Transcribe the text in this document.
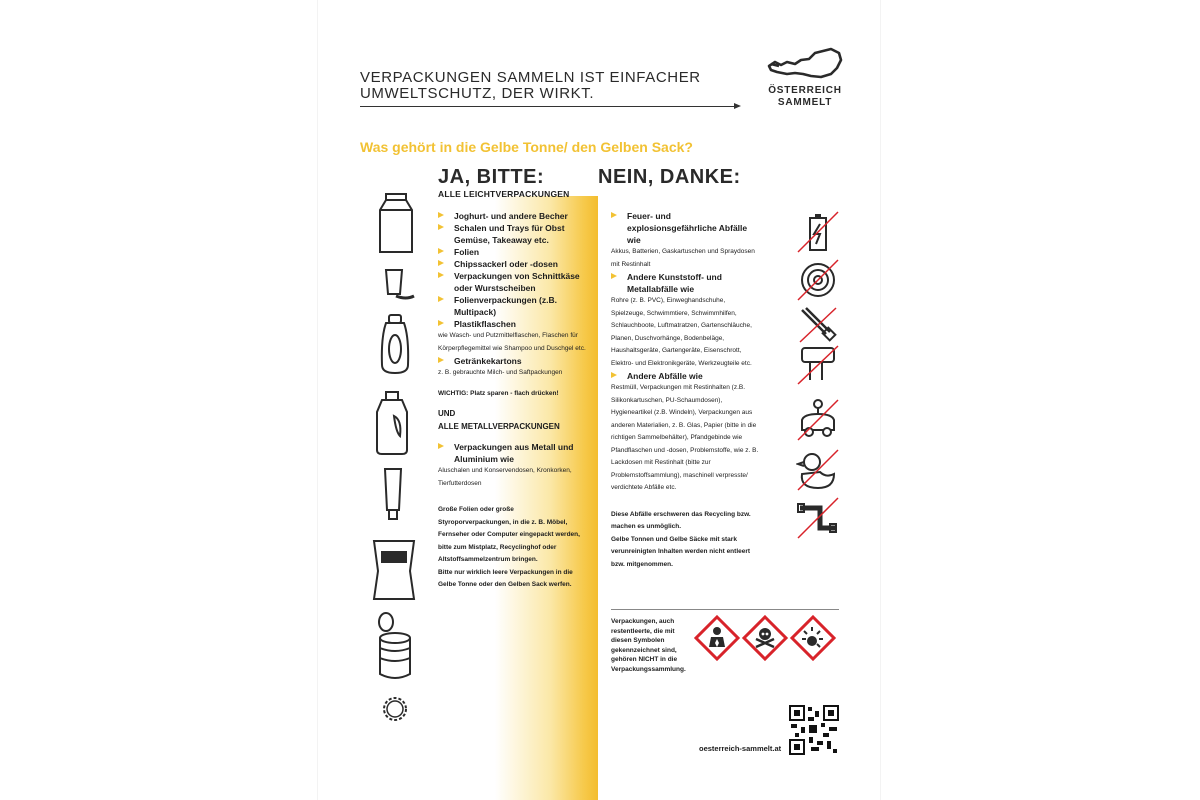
VERPACKUNGEN SAMMELN IST EINFACHER UMWELTSCHUTZ, DER WIRKT.	ÖSTERREICH
SAMMELT
Was gehört in die Gelbe Tonne/ den Gelben Sack?
JA, BITTE:
ALLE LEICHTVERPACKUNGEN
NEIN, DANKE:
Joghurt- und andere Becher
Schalen und Trays für Obst Gemüse, Takeaway etc.
Folien
Chipssackerl oder -dosen
Verpackungen von Schnittkäse oder Wurstscheiben
Folienverpackungen (z.B. Multipack)
Plastikflaschen
wie Wasch- und Putzmittelflaschen, Flaschen für Körperpflegemittel wie Shampoo und Duschgel etc.
Getränkekartons
z. B. gebrauchte Milch- und Saftpackungen
WICHTIG: Platz sparen - flach drücken!
UND
ALLE METALLVERPACKUNGEN
Verpackungen aus Metall und Aluminium wie
Aluschalen und Konservendosen, Kronkorken, Tierfutterdosen
Große Folien oder große Styroporverpackungen, in die z. B. Möbel, Fernseher oder Computer eingepackt werden, bitte zum Mistplatz, Recyclinghof oder Altstoffsammelzentrum bringen.
Bitte nur wirklich leere Verpackungen in die Gelbe Tonne oder den Gelben Sack werfen.
Feuer- und explosionsgefährliche Abfälle wie
Akkus, Batterien, Gaskartuschen und Spraydosen mit Restinhalt
Andere Kunststoff- und Metallabfälle wie
Rohre (z. B. PVC), Einweghandschuhe, Spielzeuge, Schwimmtiere, Schwimmhilfen, Schlauchboote, Luftmatratzen, Gartenschläuche, Planen, Duschvorhänge, Bodenbeläge, Haushaltsgeräte, Gartengeräte, Eisenschrott, Elektro- und Elektronikgeräte, Werkzeugteile etc.
Andere Abfälle wie
Restmüll, Verpackungen mit Restinhalten (z.B. Silikonkartuschen, PU-Schaumdosen), Hygieneartikel (z.B. Windeln), Verpackungen aus anderen Materialien, z. B. Glas, Papier (bitte in die richtigen Sammelbehälter), Pfandgebinde wie Pfandflaschen und -dosen, Problemstoffe, wie z. B. Lackdosen mit Restinhalt (bitte zur Problemstoffsammlung), maschinell verpresste/ verdichtete Abfälle etc.
Diese Abfälle erschweren das Recycling bzw. machen es unmöglich.
Gelbe Tonnen und Gelbe Säcke mit stark verunreinigten Inhalten werden nicht entleert bzw. mitgenommen.
Verpackungen, auch restentleerte, die mit diesen Symbolen gekennzeichnet sind, gehören NICHT in die Verpackungssammlung.
oesterreich-sammelt.at
